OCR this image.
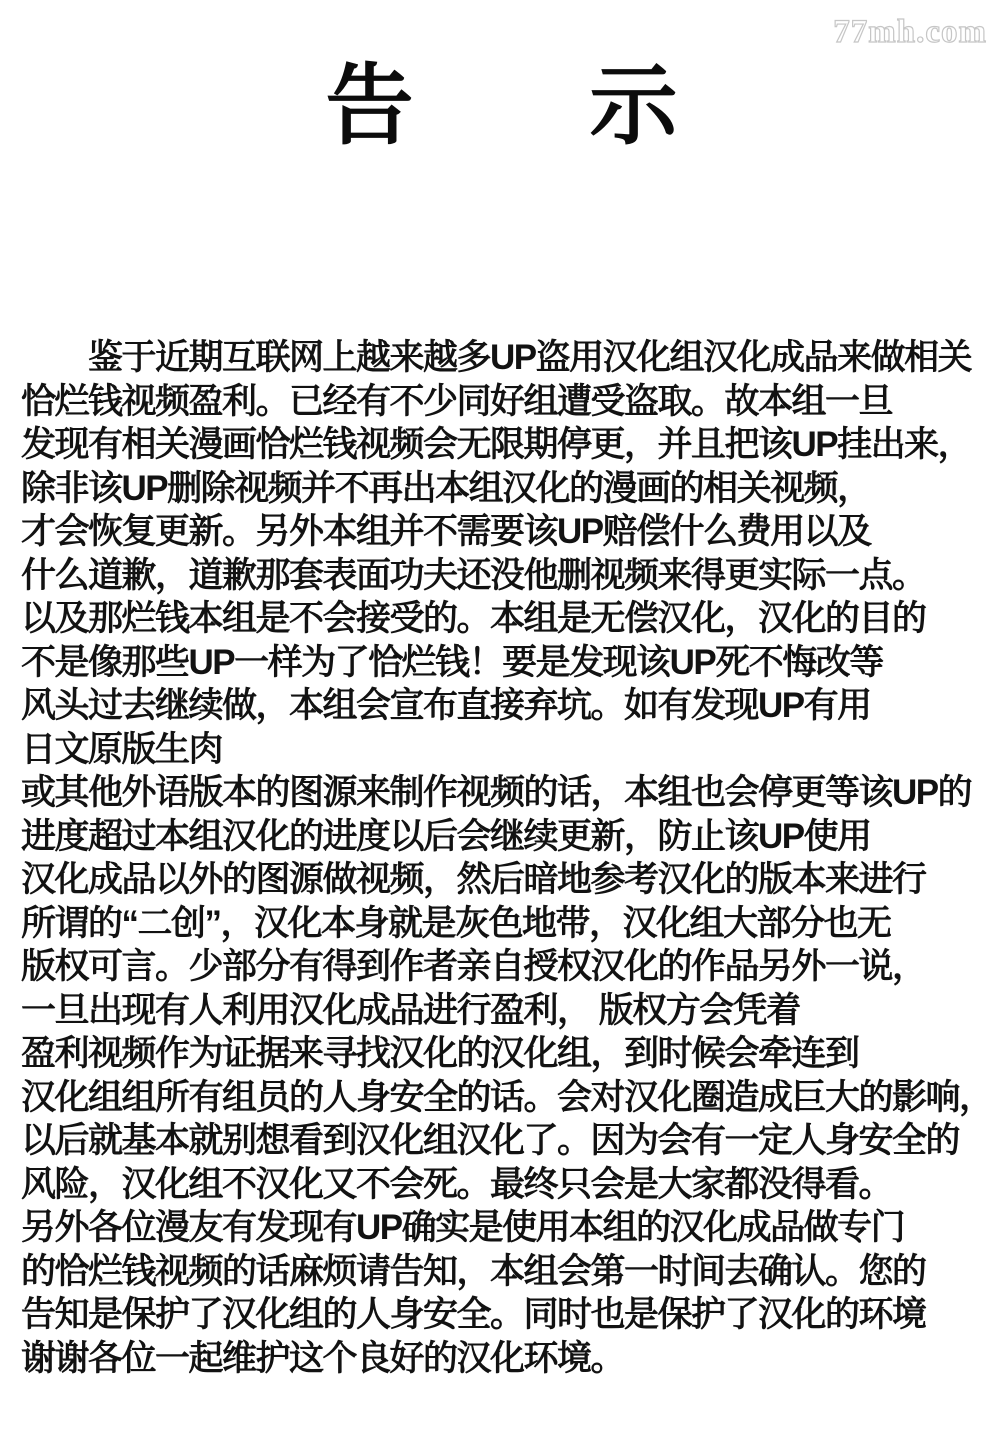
77mh.com
告　　示
　　鉴于近期互联网上越来越多UP盗用汉化组汉化成品来做相关
恰烂钱视频盈利。已经有不少同好组遭受盗取。故本组一旦
发现有相关漫画恰烂钱视频会无限期停更，并且把该UP挂出来，
除非该UP删除视频并不再出本组汉化的漫画的相关视频，
才会恢复更新。另外本组并不需要该UP赔偿什么费用以及
什么道歉，道歉那套表面功夫还没他删视频来得更实际一点。
以及那烂钱本组是不会接受的。本组是无偿汉化，汉化的目的
不是像那些UP一样为了恰烂钱！要是发现该UP死不悔改等
风头过去继续做，本组会宣布直接弃坑。如有发现UP有用
日文原版生肉
或其他外语版本的图源来制作视频的话，本组也会停更等该UP的
进度超过本组汉化的进度以后会继续更新，防止该UP使用
汉化成品以外的图源做视频，然后暗地参考汉化的版本来进行
所谓的“二创”，汉化本身就是灰色地带，汉化组大部分也无
版权可言。少部分有得到作者亲自授权汉化的作品另外一说，
一旦出现有人利用汉化成品进行盈利， 版权方会凭着
盈利视频作为证据来寻找汉化的汉化组，到时候会牵连到
汉化组组所有组员的人身安全的话。会对汉化圈造成巨大的影响，
以后就基本就别想看到汉化组汉化了。因为会有一定人身安全的
风险，汉化组不汉化又不会死。最终只会是大家都没得看。
另外各位漫友有发现有UP确实是使用本组的汉化成品做专门
的恰烂钱视频的话麻烦请告知，本组会第一时间去确认。您的
告知是保护了汉化组的人身安全。同时也是保护了汉化的环境
谢谢各位一起维护这个良好的汉化环境。
